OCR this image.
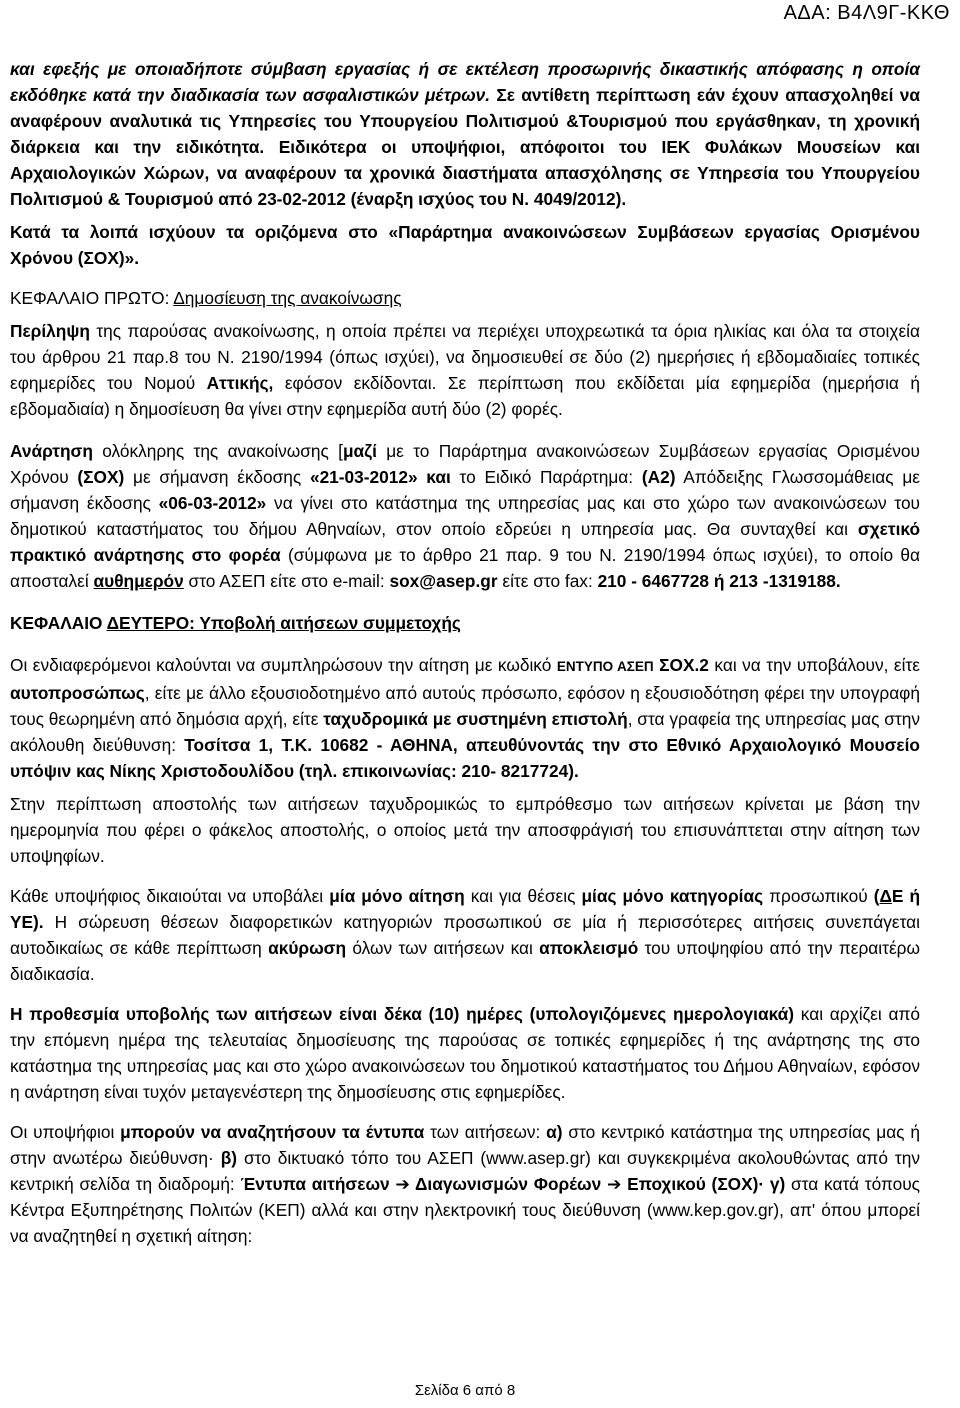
ΑΔΑ: Β4Λ9Γ-ΚΚΘ

και εφεξής με οποιαδήποτε σύμβαση εργασίας ή σε εκτέλεση προσωρινής δικαστικής απόφασης η οποία εκδόθηκε κατά την διαδικασία των ασφαλιστικών μέτρων. Σε αντίθετη περίπτωση εάν έχουν απασχοληθεί να αναφέρουν αναλυτικά τις Υπηρεσίες του Υπουργείου Πολιτισμού &Τουρισμού που εργάσθηκαν, τη χρονική διάρκεια και την ειδικότητα. Ειδικότερα οι υποψήφιοι, απόφοιτοι του ΙΕΚ Φυλάκων Μουσείων και Αρχαιολογικών Χώρων, να αναφέρουν τα χρονικά διαστήματα απασχόλησης σε Υπηρεσία του Υπουργείου Πολιτισμού & Τουρισμού από 23-02-2012 (έναρξη ισχύος του Ν. 4049/2012).

Κατά τα λοιπά ισχύουν τα οριζόμενα στο «Παράρτημα ανακοινώσεων Συμβάσεων εργασίας Ορισμένου Χρόνου (ΣΟΧ)».

ΚΕΦΑΛΑΙΟ ΠΡΩΤΟ: Δημοσίευση της ανακοίνωσης

Περίληψη της παρούσας ανακοίνωσης, η οποία πρέπει να περιέχει υποχρεωτικά τα όρια ηλικίας και όλα τα στοιχεία του άρθρου 21 παρ.8 του Ν. 2190/1994 (όπως ισχύει), να δημοσιευθεί σε δύο (2) ημερήσιες ή εβδομαδιαίες τοπικές εφημερίδες του Νομού Αττικής, εφόσον εκδίδονται. Σε περίπτωση που εκδίδεται μία εφημερίδα (ημερήσια ή εβδομαδιαία) η δημοσίευση θα γίνει στην εφημερίδα αυτή δύο (2) φορές.

Ανάρτηση ολόκληρης της ανακοίνωσης [μαζί με το Παράρτημα ανακοινώσεων Συμβάσεων εργασίας Ορισμένου Χρόνου (ΣΟΧ) με σήμανση έκδοσης «21-03-2012» και το Ειδικό Παράρτημα: (Α2) Απόδειξης Γλωσσομάθειας με σήμανση έκδοσης «06-03-2012» να γίνει στο κατάστημα της υπηρεσίας μας και στο χώρο των ανακοινώσεων του δημοτικού καταστήματος του δήμου Αθηναίων, στον οποίο εδρεύει η υπηρεσία μας. Θα συνταχθεί και σχετικό πρακτικό ανάρτησης στο φορέα (σύμφωνα με το άρθρο 21 παρ. 9 του Ν. 2190/1994 όπως ισχύει), το οποίο θα αποσταλεί αυθημερόν στο ΑΣΕΠ είτε στο e-mail: sox@asep.gr είτε στο fax: 210 - 6467728 ή 213 -1319188.

ΚΕΦΑΛΑΙΟ ΔΕΥΤΕΡΟ: Υποβολή αιτήσεων συμμετοχής

Οι ενδιαφερόμενοι καλούνται να συμπληρώσουν την αίτηση με κωδικό ΕΝΤΥΠΟ ΑΣΕΠ ΣΟΧ.2 και να την υποβάλουν, είτε αυτοπροσώπως, είτε με άλλο εξουσιοδοτημένο από αυτούς πρόσωπο, εφόσον η εξουσιοδότηση φέρει την υπογραφή τους θεωρημένη από δημόσια αρχή, είτε ταχυδρομικά με συστημένη επιστολή, στα γραφεία της υπηρεσίας μας στην ακόλουθη διεύθυνση: Τοσίτσα 1, Τ.Κ. 10682 - ΑΘΗΝΑ, απευθύνοντάς την στο Εθνικό Αρχαιολογικό Μουσείο υπόψιν κας Νίκης Χριστοδουλίδου (τηλ. επικοινωνίας: 210- 8217724).

Στην περίπτωση αποστολής των αιτήσεων ταχυδρομικώς το εμπρόθεσμο των αιτήσεων κρίνεται με βάση την ημερομηνία που φέρει ο φάκελος αποστολής, ο οποίος μετά την αποσφράγισή του επισυνάπτεται στην αίτηση των υποψηφίων.

Κάθε υποψήφιος δικαιούται να υποβάλει μία μόνο αίτηση και για θέσεις μίας μόνο κατηγορίας προσωπικού (ΔΕ ή ΥΕ). Η σώρευση θέσεων διαφορετικών κατηγοριών προσωπικού σε μία ή περισσότερες αιτήσεις συνεπάγεται αυτοδικαίως σε κάθε περίπτωση ακύρωση όλων των αιτήσεων και αποκλεισμό του υποψηφίου από την περαιτέρω διαδικασία.

Η προθεσμία υποβολής των αιτήσεων είναι δέκα (10) ημέρες (υπολογιζόμενες ημερολογιακά) και αρχίζει από την επόμενη ημέρα της τελευταίας δημοσίευσης της παρούσας σε τοπικές εφημερίδες ή της ανάρτησης της στο κατάστημα της υπηρεσίας μας και στο χώρο ανακοινώσεων του δημοτικού καταστήματος του Δήμου Αθηναίων, εφόσον η ανάρτηση είναι τυχόν μεταγενέστερη της δημοσίευσης στις εφημερίδες.

Οι υποψήφιοι μπορούν να αναζητήσουν τα έντυπα των αιτήσεων: α) στο κεντρικό κατάστημα της υπηρεσίας μας ή στην ανωτέρω διεύθυνση· β) στο δικτυακό τόπο του ΑΣΕΠ (www.asep.gr) και συγκεκριμένα ακολουθώντας από την κεντρική σελίδα τη διαδρομή: Έντυπα αιτήσεων ➔ Διαγωνισμών Φορέων ➔ Εποχικού (ΣΟΧ)· γ) στα κατά τόπους Κέντρα Εξυπηρέτησης Πολιτών (ΚΕΠ) αλλά και στην ηλεκτρονική τους διεύθυνση (www.kep.gov.gr), απ' όπου μπορεί να αναζητηθεί η σχετική αίτηση:

Σελίδα 6 από 8
